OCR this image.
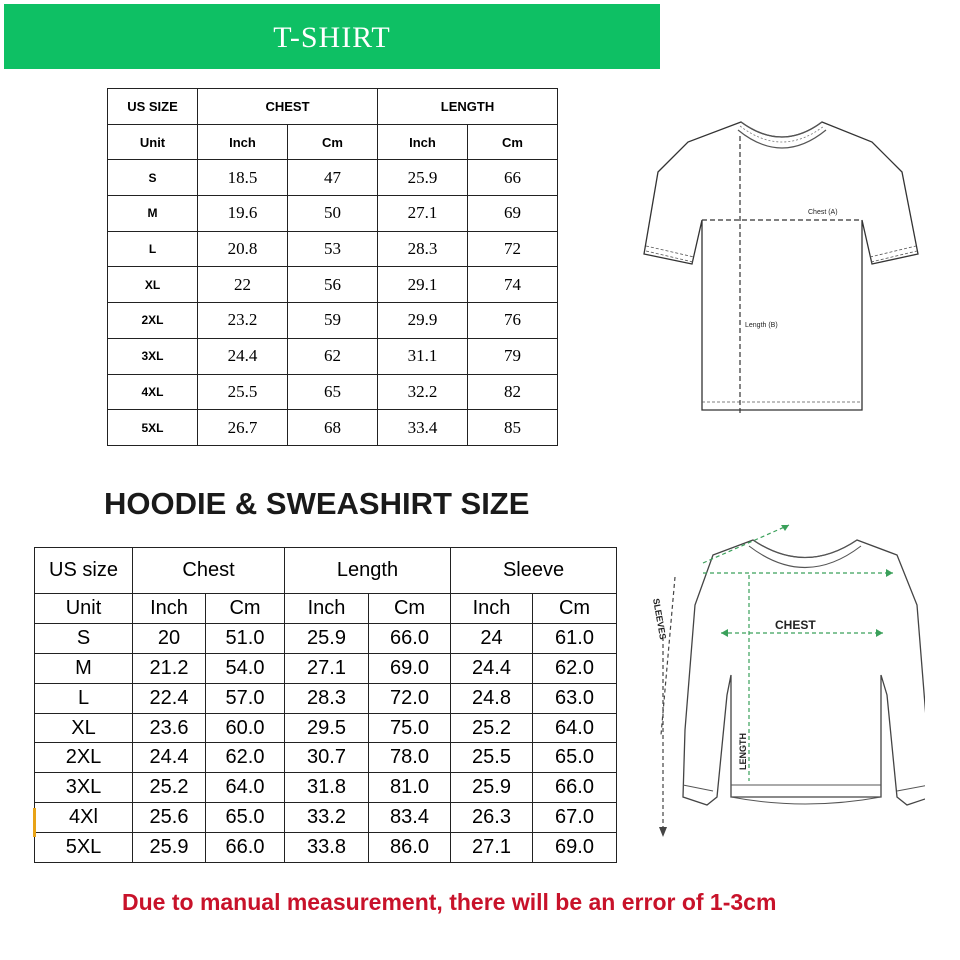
T-SHIRT
US SIZE	CHEST		LENGTH	
Unit	Inch	Cm	Inch	Cm
S	18.5	47	25.9	66
M	19.6	50	27.1	69
L	20.8	53	28.3	72
XL	22	56	29.1	74
2XL	23.2	59	29.9	76
3XL	24.4	62	31.1	79
4XL	25.5	65	32.2	82
5XL	26.7	68	33.4	85
Chest (A)
Length (B)
HOODIE & SWEASHIRT SIZE
US size	Chest		Length		Sleeve	
Unit	Inch	Cm	Inch	Cm	Inch	Cm
S	20	51.0	25.9	66.0	24	61.0
M	21.2	54.0	27.1	69.0	24.4	62.0
L	22.4	57.0	28.3	72.0	24.8	63.0
XL	23.6	60.0	29.5	75.0	25.2	64.0
2XL	24.4	62.0	30.7	78.0	25.5	65.0
3XL	25.2	64.0	31.8	81.0	25.9	66.0
4Xl	25.6	65.0	33.2	83.4	26.3	67.0
5XL	25.9	66.0	33.8	86.0	27.1	69.0
CHEST
SLEEVES
LENGTH
Due to manual measurement, there will be an error of 1-3cm
